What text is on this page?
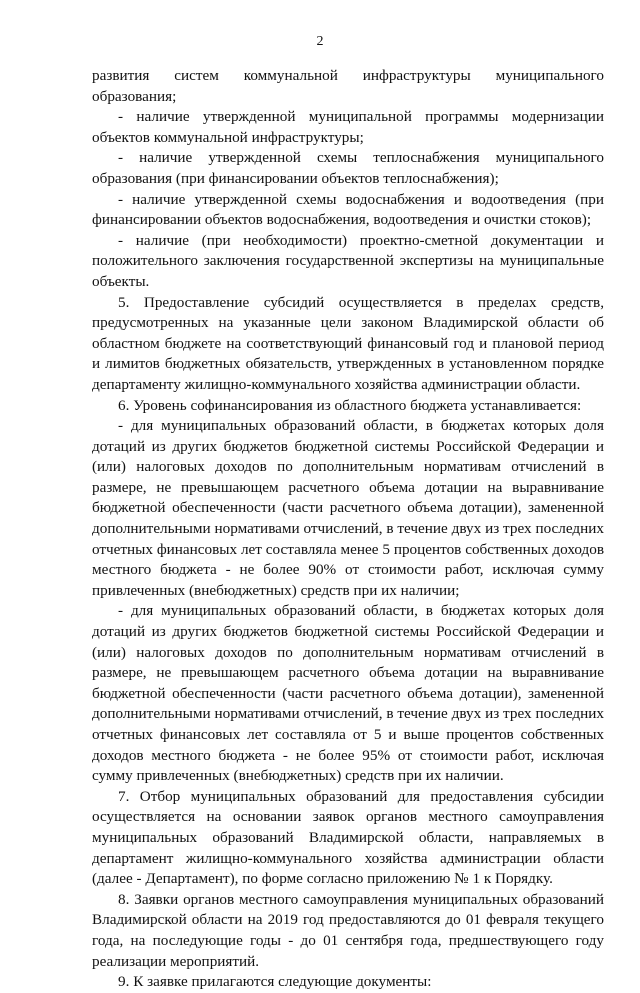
2

развития систем коммунальной инфраструктуры муниципального образования;

- наличие утвержденной муниципальной программы модернизации объектов коммунальной инфраструктуры;

- наличие утвержденной схемы теплоснабжения муниципального образования (при финансировании объектов теплоснабжения);

- наличие утвержденной схемы водоснабжения и водоотведения (при финансировании объектов водоснабжения, водоотведения и очистки стоков);

- наличие (при необходимости) проектно-сметной документации и положительного заключения государственной экспертизы на муниципальные объекты.

5. Предоставление субсидий осуществляется в пределах средств, предусмотренных на указанные цели законом Владимирской области об областном бюджете на соответствующий финансовый год и плановой период и лимитов бюджетных обязательств, утвержденных в установленном порядке департаменту жилищно-коммунального хозяйства администрации области.

6. Уровень софинансирования из областного бюджета устанавливается:

- для муниципальных образований области, в бюджетах которых доля дотаций из других бюджетов бюджетной системы Российской Федерации и (или) налоговых доходов по дополнительным нормативам отчислений в размере, не превышающем расчетного объема дотации на выравнивание бюджетной обеспеченности (части расчетного объема дотации), замененной дополнительными нормативами отчислений, в течение двух из трех последних отчетных финансовых лет составляла менее 5 процентов собственных доходов местного бюджета - не более 90% от стоимости работ, исключая сумму привлеченных (внебюджетных) средств при их наличии;

- для муниципальных образований области, в бюджетах которых доля дотаций из других бюджетов бюджетной системы Российской Федерации и (или) налоговых доходов по дополнительным нормативам отчислений в размере, не превышающем расчетного объема дотации на выравнивание бюджетной обеспеченности (части расчетного объема дотации), замененной дополнительными нормативами отчислений, в течение двух из трех последних отчетных финансовых лет составляла от 5 и выше процентов собственных доходов местного бюджета - не более 95% от стоимости работ, исключая сумму привлеченных (внебюджетных) средств при их наличии.

7. Отбор муниципальных образований для предоставления субсидии осуществляется на основании заявок органов местного самоуправления муниципальных образований Владимирской области, направляемых в департамент жилищно-коммунального хозяйства администрации области (далее - Департамент), по форме согласно приложению № 1 к Порядку.

8. Заявки органов местного самоуправления муниципальных образований Владимирской области на 2019 год предоставляются до 01 февраля текущего года, на последующие годы - до 01 сентября года, предшествующего году реализации мероприятий.

9. К заявке прилагаются следующие документы:
